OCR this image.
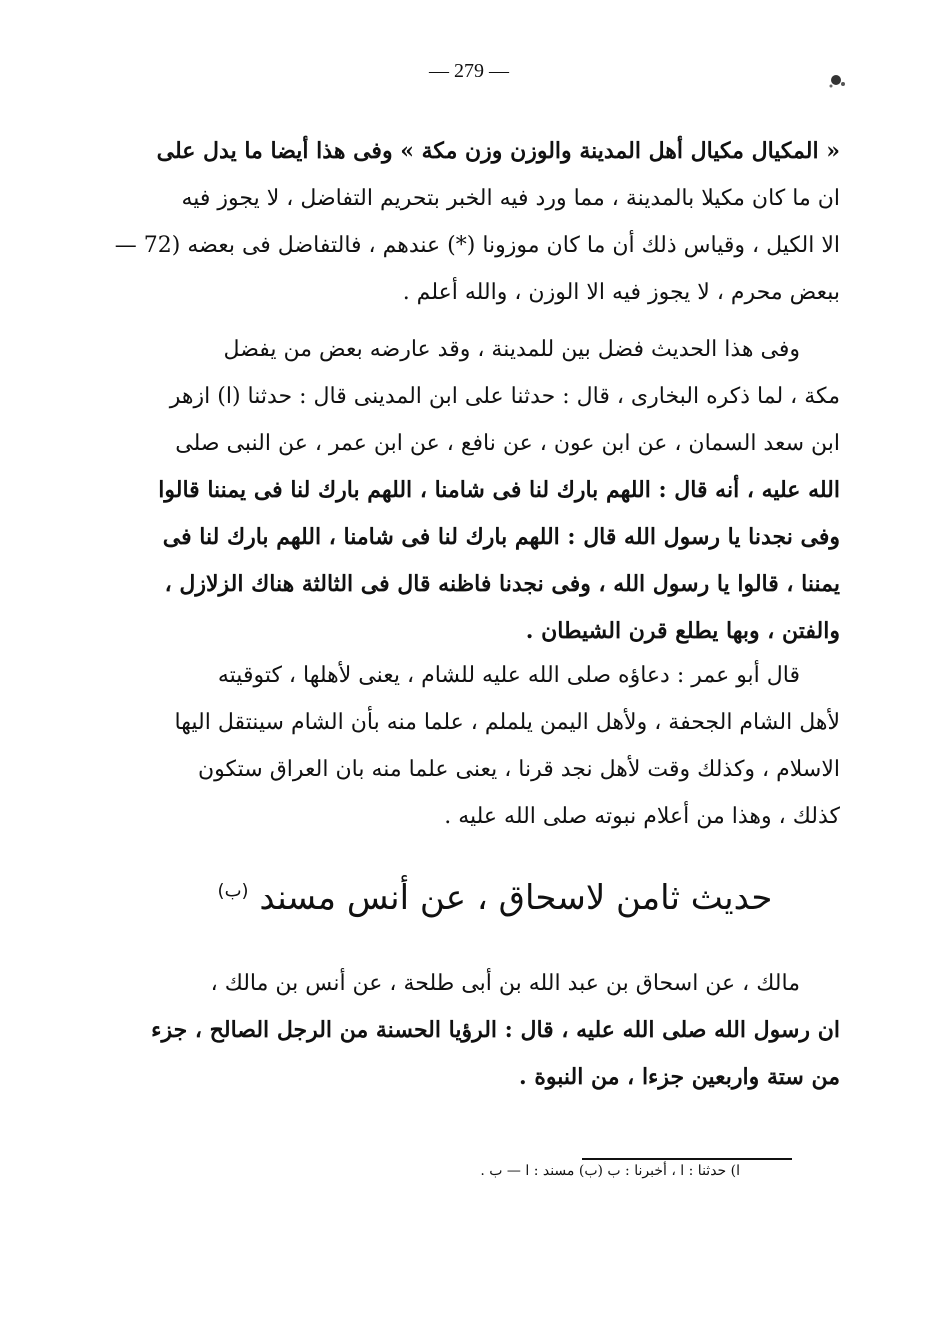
— 279 —
« المكيال مكيال أهل المدينة والوزن وزن مكة » وفى هذا أيضا ما يدل على
ان ما كان مكيلا بالمدينة ، مما ورد فيه الخبر بتحريم التفاضل ، لا يجوز فيه
الا الكيل ، وقياس ذلك أن ما كان موزونا (*) عندهم ، فالتفاضل فى بعضه (72 —
ببعض محرم ، لا يجوز فيه الا الوزن ، والله أعلم .
وفى هذا الحديث فضل بين للمدينة ، وقد عارضه بعض من يفضل
مكة ، لما ذكره البخارى ، قال : حدثنا على ابن المدينى قال : حدثنا (ا) ازهر
ابن سعد السمان ، عن ابن عون ، عن نافع ، عن ابن عمر ، عن النبى صلى
الله عليه ، أنه قال : اللهم بارك لنا فى شامنا ، اللهم بارك لنا فى يمننا قالوا
وفى نجدنا يا رسول الله قال : اللهم بارك لنا فى شامنا ، اللهم بارك لنا فى
يمننا ، قالوا يا رسول الله ، وفى نجدنا فاظنه قال فى الثالثة هناك الزلازل ،
والفتن ، وبها يطلع قرن الشيطان .
قال أبو عمر : دعاؤه صلى الله عليه للشام ، يعنى لأهلها ، كتوقيته
لأهل الشام الجحفة ، ولأهل اليمن يلملم ، علما منه بأن الشام سينتقل اليها
الاسلام ، وكذلك وقت لأهل نجد قرنا ، يعنى علما منه بان العراق ستكون
كذلك ، وهذا من أعلام نبوته صلى الله عليه .
حديث ثامن لاسحاق ، عن أنس مسند $^{(ب)}$
مالك ، عن اسحاق بن عبد الله بن أبى طلحة ، عن أنس بن مالك ،
ان رسول الله صلى الله عليه ، قال : الرؤيا الحسنة من الرجل الصالح ، جزء
من ستة واربعين جزءا ، من النبوة .
ا) حدثنا : ا ، أخبرنا : ب (ب) مسند : ا — ب .
